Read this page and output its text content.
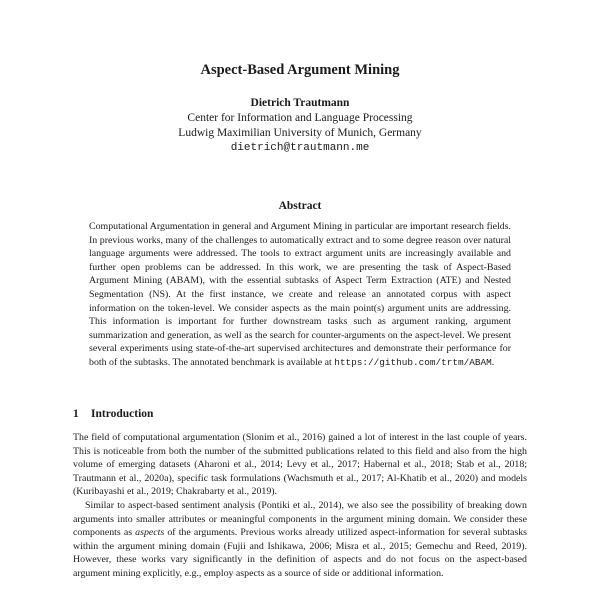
Aspect-Based Argument Mining
Dietrich Trautmann
Center for Information and Language Processing
Ludwig Maximilian University of Munich, Germany
dietrich@trautmann.me
Abstract
Computational Argumentation in general and Argument Mining in particular are important research fields. In previous works, many of the challenges to automatically extract and to some degree reason over natural language arguments were addressed. The tools to extract argument units are increasingly available and further open problems can be addressed. In this work, we are presenting the task of Aspect-Based Argument Mining (ABAM), with the essential subtasks of Aspect Term Extraction (ATE) and Nested Segmentation (NS). At the first instance, we create and release an annotated corpus with aspect information on the token-level. We consider aspects as the main point(s) argument units are addressing. This information is important for further downstream tasks such as argument ranking, argument summarization and generation, as well as the search for counter-arguments on the aspect-level. We present several experiments using state-of-the-art supervised architectures and demonstrate their performance for both of the subtasks. The annotated benchmark is available at https://github.com/trtm/ABAM.
1 Introduction

The field of computational argumentation (Slonim et al., 2016) gained a lot of interest in the last couple of years. This is noticeable from both the number of the submitted publications related to this field and also from the high volume of emerging datasets (Aharoni et al., 2014; Levy et al., 2017; Habernal et al., 2018; Stab et al., 2018; Trautmann et al., 2020a), specific task formulations (Wachsmuth et al., 2017; Al-Khatib et al., 2020) and models (Kuribayashi et al., 2019; Chakrabarty et al., 2019).

Similar to aspect-based sentiment analysis (Pontiki et al., 2014), we also see the possibility of breaking down arguments into smaller attributes or meaningful components in the argument mining domain. We consider these components as aspects of the arguments. Previous works already utilized aspect-information for several subtasks within the argument mining domain (Fujii and Ishikawa, 2006; Misra et al., 2015; Gemechu and Reed, 2019). However, these works vary significantly in the definition of aspects and do not focus on the aspect-based argument mining explicitly, e.g., employ aspects as a source of side or additional information.
